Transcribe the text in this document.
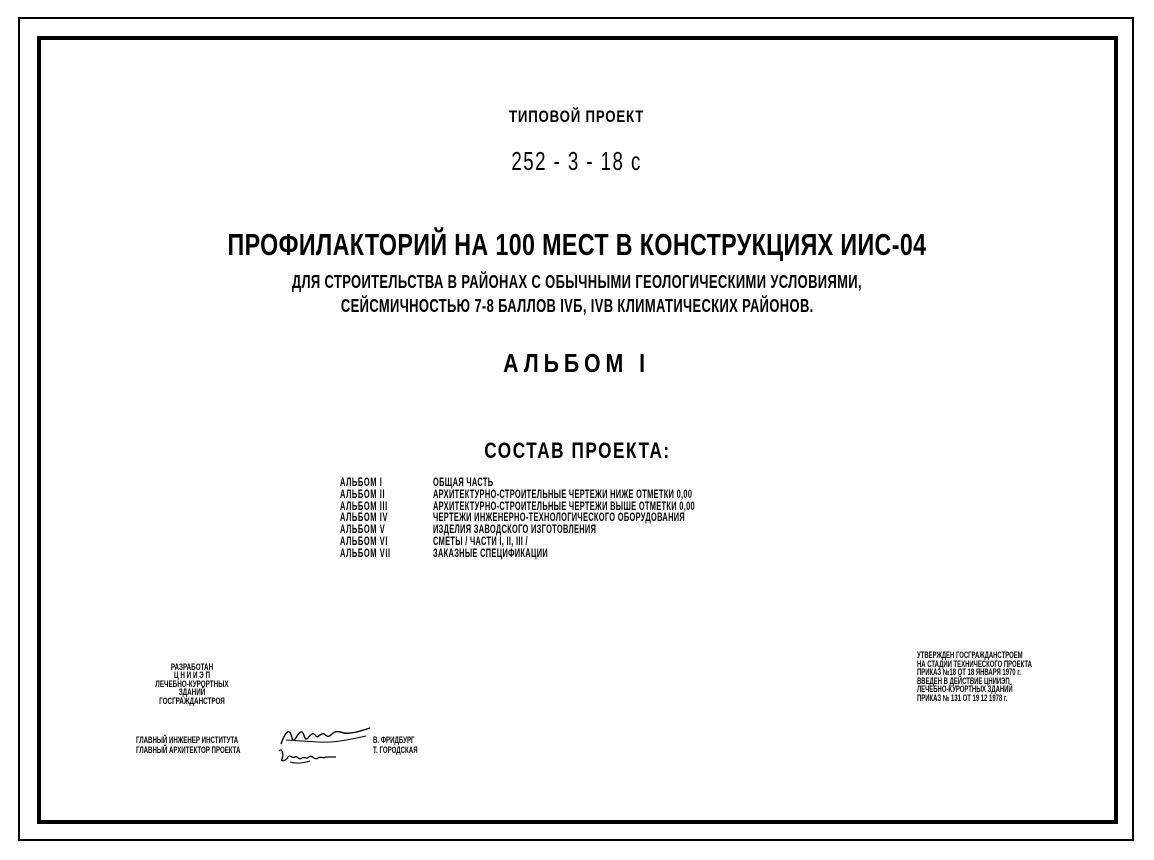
ТИПОВОЙ ПРОЕКТ
252 - 3 - 18 с
ПРОФИЛАКТОРИЙ НА 100 МЕСТ В КОНСТРУКЦИЯХ ИИС-04
ДЛЯ СТРОИТЕЛЬСТВА В РАЙОНАХ С ОБЫЧНЫМИ ГЕОЛОГИЧЕСКИМИ УСЛОВИЯМИ,
СЕЙСМИЧНОСТЬЮ 7-8 БАЛЛОВ IVБ, IVВ КЛИМАТИЧЕСКИХ РАЙОНОВ.
АЛЬБОМ I
СОСТАВ ПРОЕКТА:
АЛЬБОМ I	ОБЩАЯ ЧАСТЬ
АЛЬБОМ II	АРХИТЕКТУРНО-СТРОИТЕЛЬНЫЕ ЧЕРТЕЖИ НИЖЕ ОТМЕТКИ 0,00
АЛЬБОМ III	АРХИТЕКТУРНО-СТРОИТЕЛЬНЫЕ ЧЕРТЕЖИ ВЫШЕ ОТМЕТКИ 0,00
АЛЬБОМ IV	ЧЕРТЕЖИ ИНЖЕНЕРНО-ТЕХНОЛОГИЧЕСКОГО ОБОРУДОВАНИЯ
АЛЬБОМ V	ИЗДЕЛИЯ ЗАВОДСКОГО ИЗГОТОВЛЕНИЯ
АЛЬБОМ VI	СМЕТЫ / ЧАСТИ I, II, III /
АЛЬБОМ VII	ЗАКАЗНЫЕ СПЕЦИФИКАЦИИ
РАЗРАБОТАН
Ц Н И И Э П
ЛЕЧЕБНО-КУРОРТНЫХ
ЗДАНИЙ
ГОСГРАЖДАНСТРОЯ
ГЛАВНЫЙ ИНЖЕНЕР ИНСТИТУТА	В. ФРИДБУРГ
ГЛАВНЫЙ АРХИТЕКТОР ПРОЕКТА	Т. ГОРОДСКАЯ
УТВЕРЖДЕН ГОСГРАЖДАНСТРОЕМ
НА СТАДИИ ТЕХНИЧЕСКОГО ПРОЕКТА
ПРИКАЗ №18 ОТ 18 ЯНВАРЯ 1970 г.
ВВЕДЕН В ДЕЙСТВИЕ ЦНИИЭП
ЛЕЧЕБНО-КУРОРТНЫХ ЗДАНИЙ
ПРИКАЗ № 131 ОТ 19 12 1978 г.
